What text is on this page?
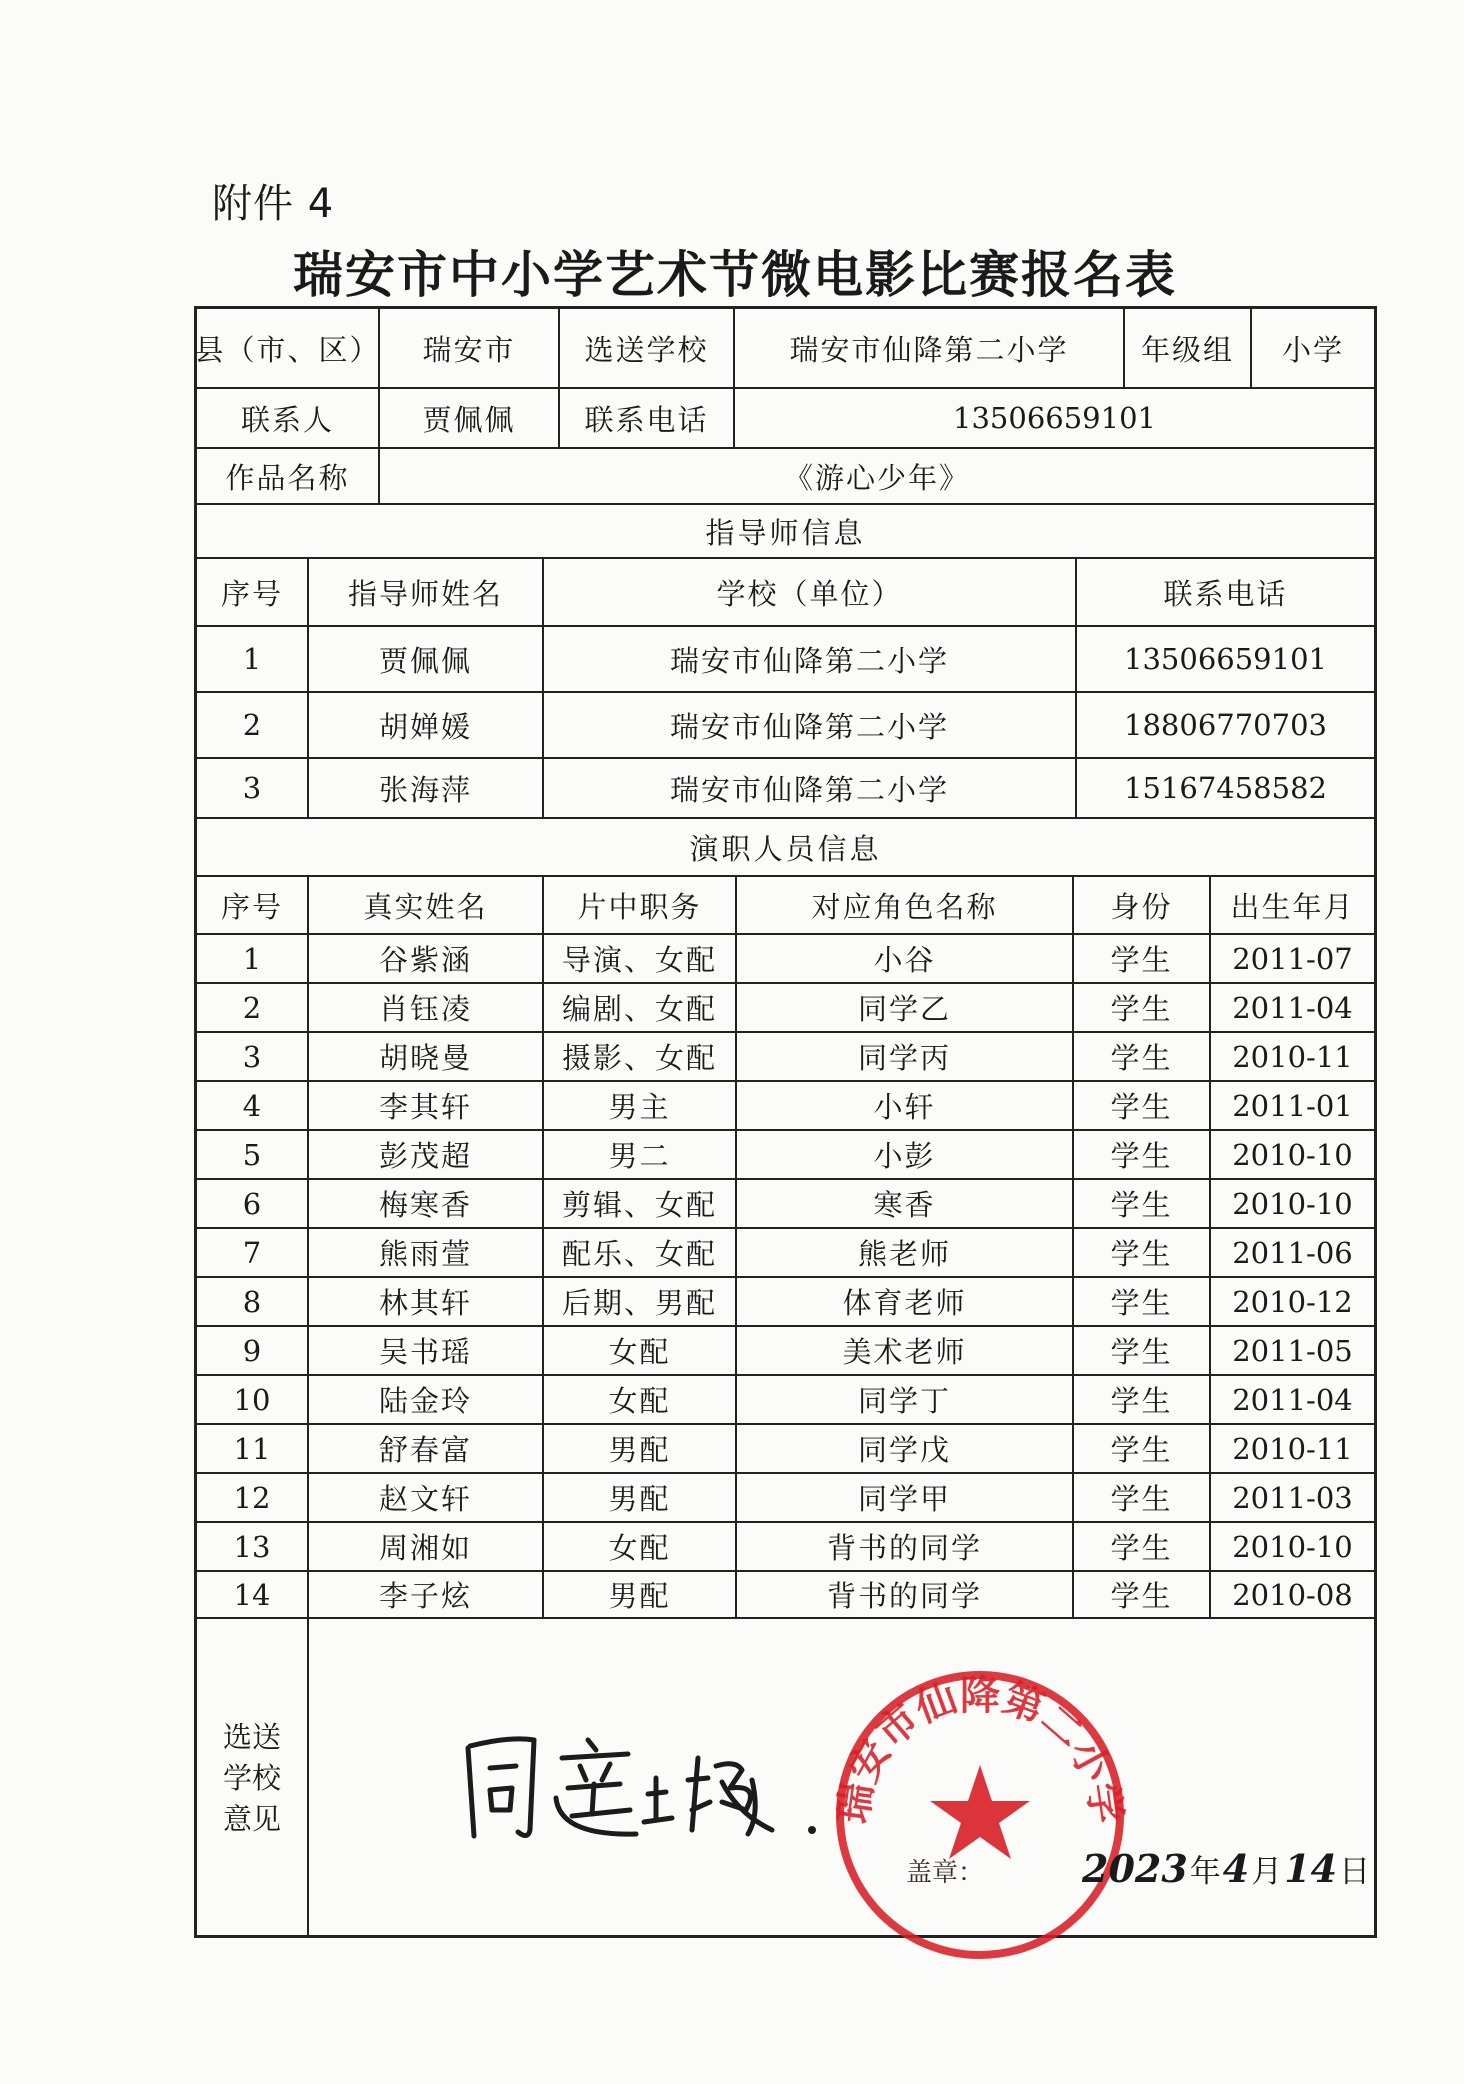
附件 4
瑞安市中小学艺术节微电影比赛报名表
县（市、区）	瑞安市	选送学校	瑞安市仙降第二小学	年级组	小学
联系人	贾佩佩	联系电话	13506659101
作品名称	《游心少年》
指导师信息
序号	指导师姓名	学校（单位）	联系电话
1	贾佩佩	瑞安市仙降第二小学	13506659101
2	胡婵媛	瑞安市仙降第二小学	18806770703
3	张海萍	瑞安市仙降第二小学	15167458582
演职人员信息
序号	真实姓名	片中职务	对应角色名称	身份	出生年月
1	谷紫涵	导演、女配	小谷	学生	2011-07
2	肖钰凌	编剧、女配	同学乙	学生	2011-04
3	胡晓曼	摄影、女配	同学丙	学生	2010-11
4	李其轩	男主	小轩	学生	2011-01
5	彭茂超	男二	小彭	学生	2010-10
6	梅寒香	剪辑、女配	寒香	学生	2010-10
7	熊雨萱	配乐、女配	熊老师	学生	2011-06
8	林其轩	后期、男配	体育老师	学生	2010-12
9	吴书瑶	女配	美术老师	学生	2011-05
10	陆金玲	女配	同学丁	学生	2011-04
11	舒春富	男配	同学戊	学生	2010-11
12	赵文轩	男配	同学甲	学生	2011-03
13	周湘如	女配	背书的同学	学生	2010-10
14	李子炫	男配	背书的同学	学生	2010-08
选送
学校
意见	瑞安市仙降第二小学
盖章：	2023 年 4 月 14 日
